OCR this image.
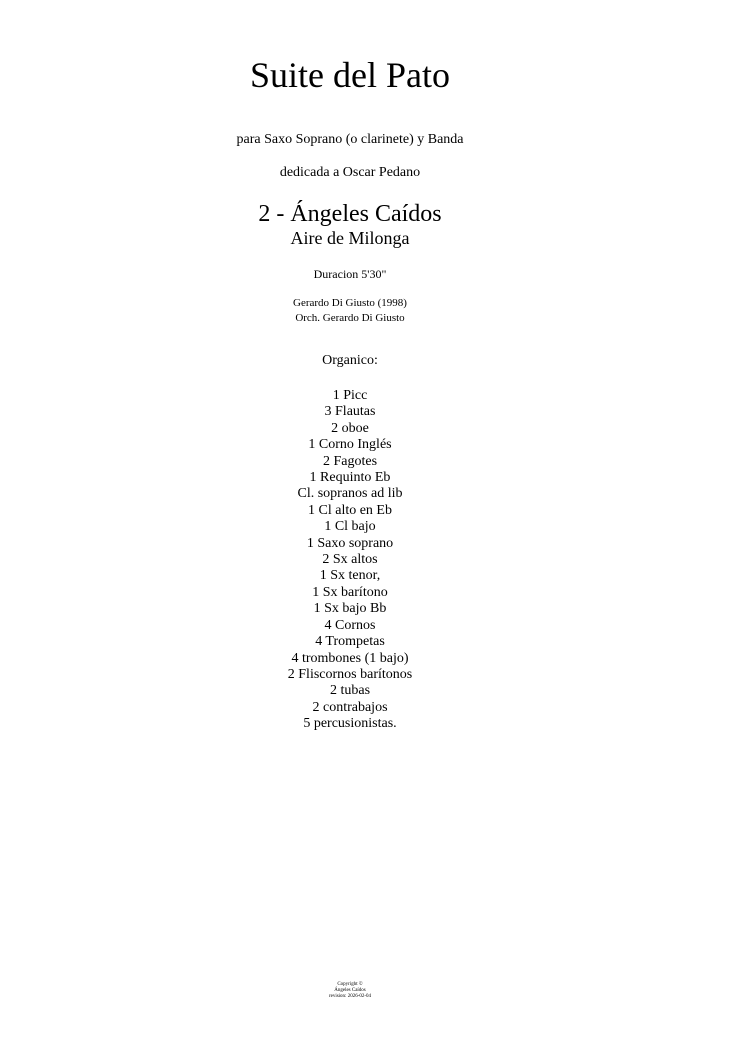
Suite del Pato
para Saxo Soprano (o clarinete) y Banda
dedicada a Oscar Pedano
2 - Ángeles Caídos
Aire de Milonga
Duracion 5'30"
Gerardo Di Giusto (1998)
Orch. Gerardo Di Giusto
Organico:
1 Picc
3 Flautas
2 oboe
1 Corno Inglés
2 Fagotes
1 Requinto Eb
Cl. sopranos ad lib
1 Cl alto en Eb
1 Cl bajo
1 Saxo soprano
2 Sx altos
1 Sx tenor,
1 Sx barítono
1 Sx bajo Bb
4 Cornos
4 Trompetas
4 trombones (1 bajo)
2 Fliscornos barítonos
2 tubas
2 contrabajos
5 percusionistas.
Copyright ©
Ángeles Caídos
revision: 2026-02-04
